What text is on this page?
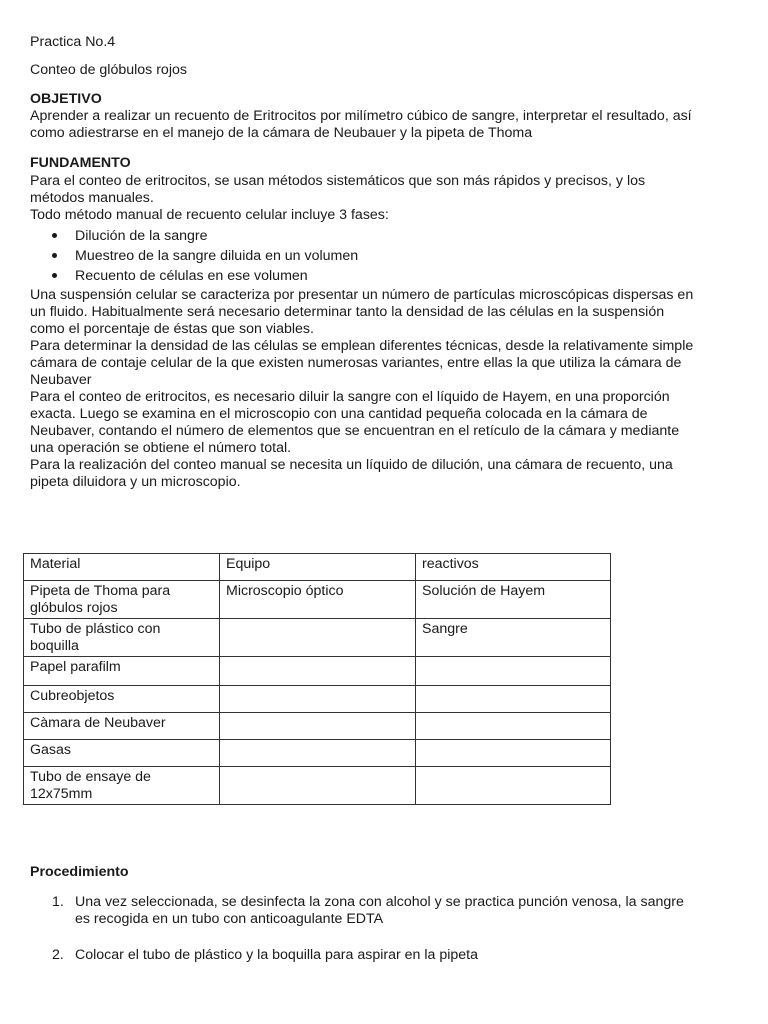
Practica No.4
Conteo de glóbulos rojos
OBJETIVO
Aprender a realizar un recuento de Eritrocitos por milímetro cúbico de sangre, interpretar el resultado, así
como adiestrarse en el manejo de la cámara de Neubauer y la pipeta de Thoma
FUNDAMENTO
Para el conteo de eritrocitos, se usan métodos sistemáticos que son más rápidos y precisos, y los
métodos manuales.
Todo método manual de recuento celular incluye 3 fases:
Dilución de la sangre
Muestreo de la sangre diluida en un volumen
Recuento de células en ese volumen
Una suspensión celular se caracteriza por presentar un número de partículas microscópicas dispersas en
un fluido. Habitualmente será necesario determinar tanto la densidad de las células en la suspensión
como el porcentaje de éstas que son viables.
Para determinar la densidad de las células se emplean diferentes técnicas, desde la relativamente simple
cámara de contaje celular de la que existen numerosas variantes, entre ellas la que utiliza la cámara de
Neubaver
Para el conteo de eritrocitos, es necesario diluir la sangre con el líquido de Hayem, en una proporción
exacta. Luego se examina en el microscopio con una cantidad pequeña colocada en la cámara de
Neubaver, contando el número de elementos que se encuentran en el retículo de la cámara y mediante
una operación se obtiene el número total.
Para la realización del conteo manual se necesita un líquido de dilución, una cámara de recuento, una
pipeta diluidora y un microscopio.
Material	Equipo	reactivos
Pipeta de Thoma para glóbulos rojos	Microscopio óptico	Solución de Hayem
Tubo de plástico con boquilla		Sangre
Papel parafilm		
Cubreobjetos		
Càmara de Neubaver		
Gasas		
Tubo de ensaye de 12x75mm		
Procedimiento
1. Una vez seleccionada, se desinfecta la zona con alcohol y se practica punción venosa, la sangre
es recogida en un tubo con anticoagulante EDTA
2. Colocar el tubo de plástico y la boquilla para aspirar en la pipeta
